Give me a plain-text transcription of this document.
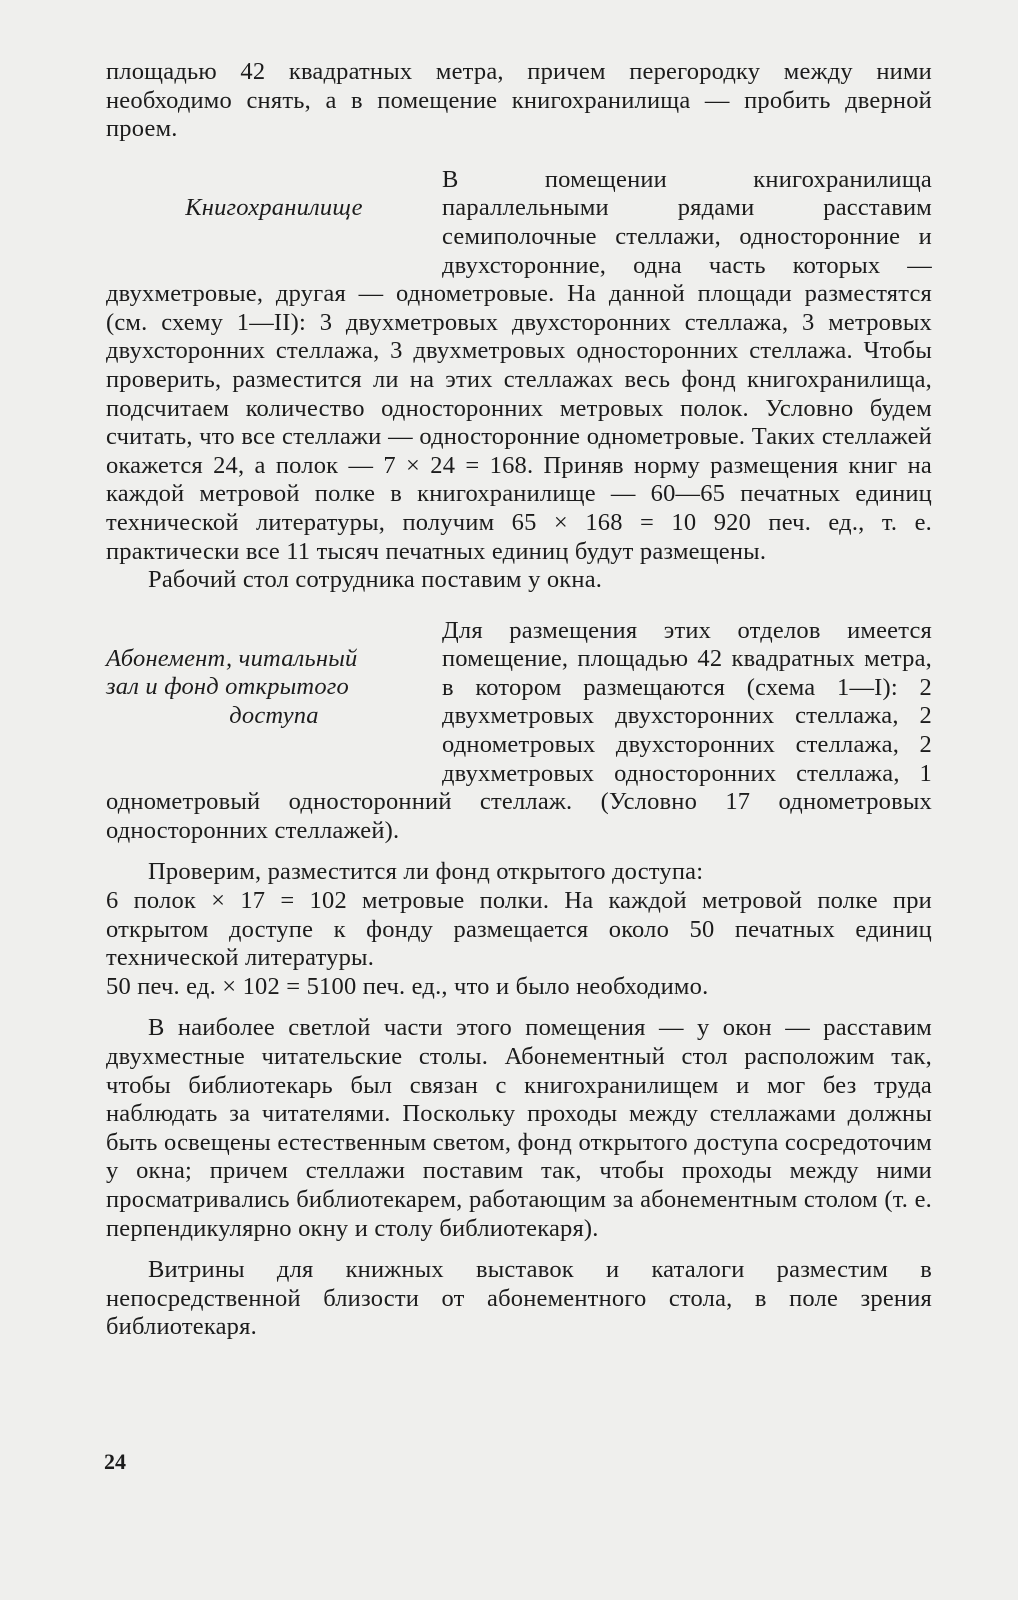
площадью 42 квадратных метра, причем перегородку между ними необходимо снять, а в помещение книгохранилища — пробить дверной проем.

Книгохранилище

В помещении книгохранилища параллельными рядами расставим семиполочные стеллажи, односторонние и двухсторонние, одна часть которых — двухметровые, другая — однометровые. На данной площади разместятся (см. схему 1—II): 3 двухметровых двухсторонних стеллажа, 3 метровых двухсторонних стеллажа, 3 двухметровых односторонних стеллажа. Чтобы проверить, разместится ли на этих стеллажах весь фонд книгохранилища, подсчитаем количество односторонних метровых полок. Условно будем считать, что все стеллажи — односторонние однометровые. Таких стеллажей окажется 24, а полок — 7 × 24 = 168. Приняв норму размещения книг на каждой метровой полке в книгохранилище — 60—65 печатных единиц технической литературы, получим 65 × 168 = 10 920 печ. ед., т. е. практически все 11 тысяч печатных единиц будут размещены.

Рабочий стол сотрудника поставим у окна.

Абонемент, читальный
зал и фонд открытого
доступа

Для размещения этих отделов имеется помещение, площадью 42 квадратных метра, в котором размещаются (схема 1—I): 2 двухметровых двухсторонних стеллажа, 2 однометровых двухсторонних стеллажа, 2 двухметровых односторонних стеллажа, 1 однометровый односторонний стеллаж. (Условно 17 однометровых односторонних стеллажей).

Проверим, разместится ли фонд открытого доступа:

6 полок × 17 = 102 метровые полки. На каждой метровой полке при открытом доступе к фонду размещается около 50 печатных единиц технической литературы.

50 печ. ед. × 102 = 5100 печ. ед., что и было необходимо.

В наиболее светлой части этого помещения — у окон — расставим двухместные читательские столы. Абонементный стол расположим так, чтобы библиотекарь был связан с книгохранилищем и мог без труда наблюдать за читателями. Поскольку проходы между стеллажами должны быть освещены естественным светом, фонд открытого доступа сосредоточим у окна; причем стеллажи поставим так, чтобы проходы между ними просматривались библиотекарем, работающим за абонементным столом (т. е. перпендикулярно окну и столу библиотекаря).

Витрины для книжных выставок и каталоги разместим в непосредственной близости от абонементного стола, в поле зрения библиотекаря.

24
